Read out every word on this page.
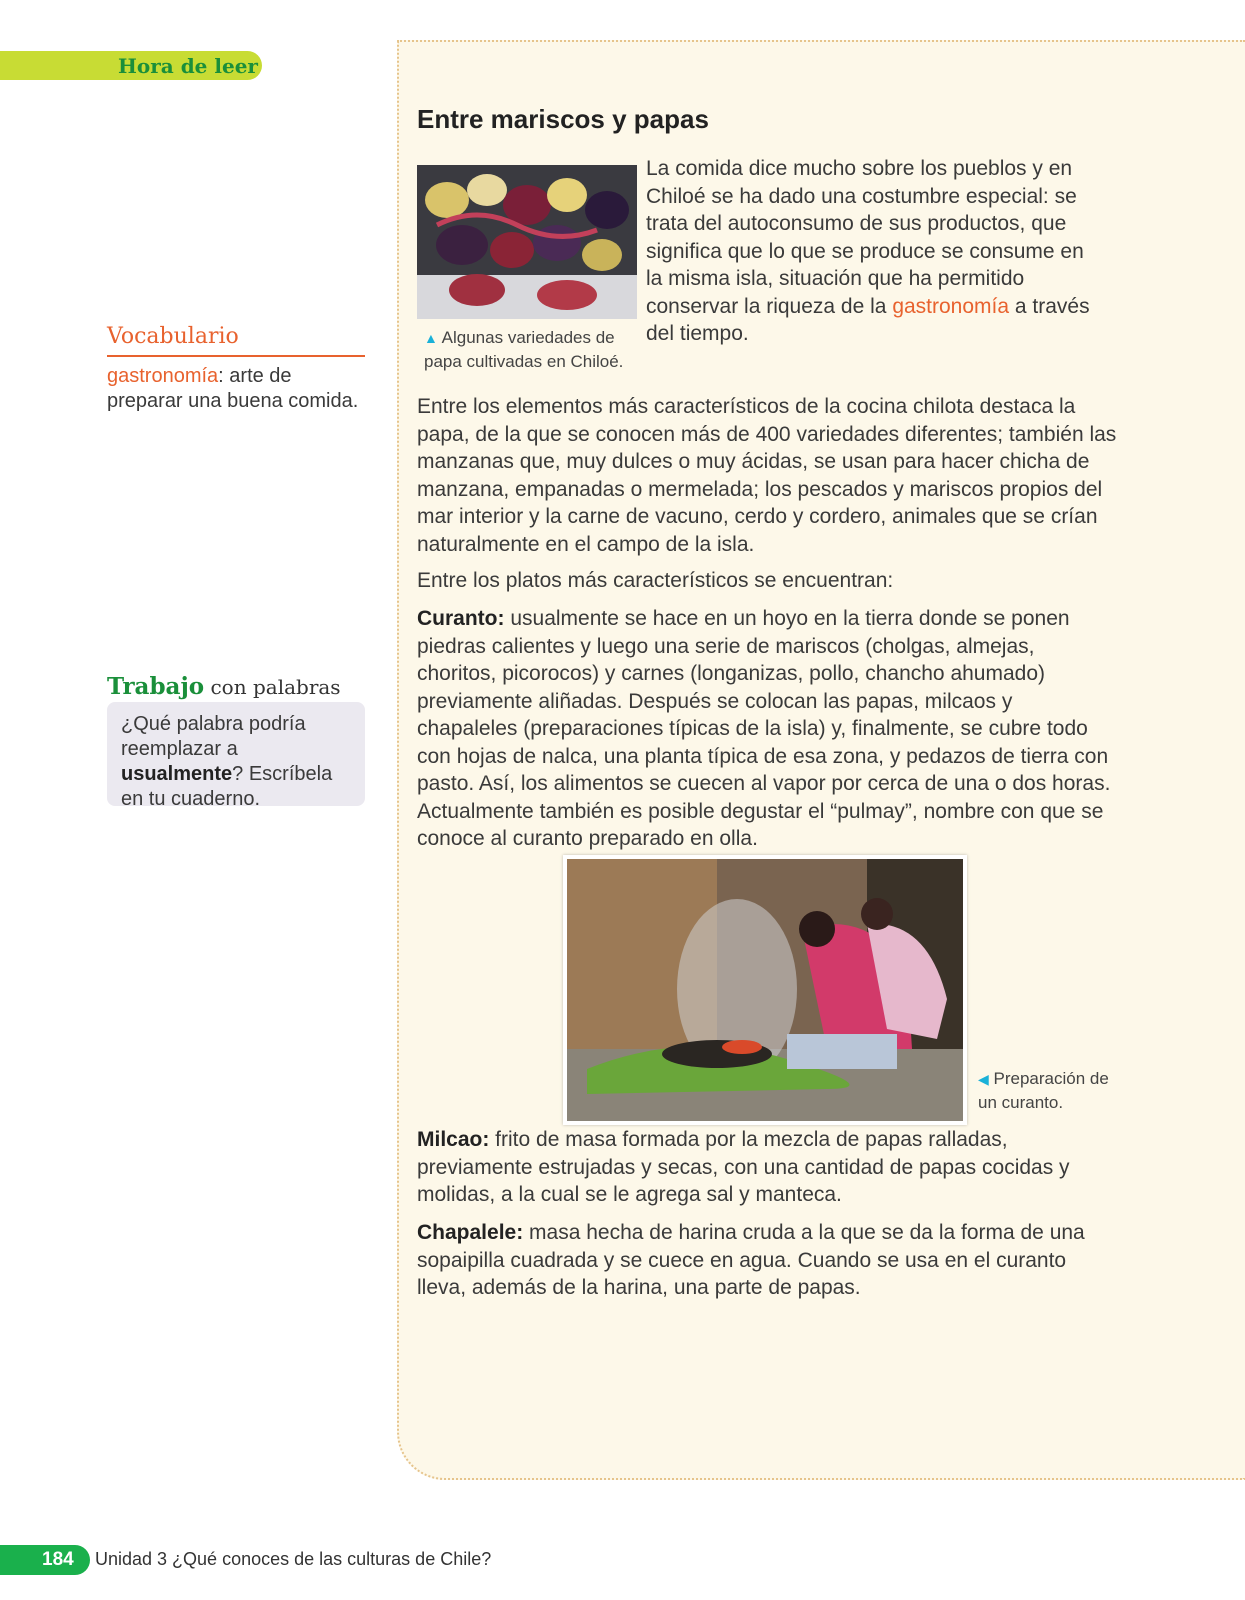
Hora de leer
Entre mariscos y papas
▲ Algunas variedades de papa cultivadas en Chiloé.
La comida dice mucho sobre los pueblos y en Chiloé se ha dado una costumbre especial: se trata del autoconsumo de sus productos, que significa que lo que se produce se consume en la misma isla, situación que ha permitido conservar la riqueza de la gastronomía a través del tiempo.

Entre los elementos más característicos de la cocina chilota destaca la papa, de la que se conocen más de 400 variedades diferentes; también las manzanas que, muy dulces o muy ácidas, se usan para hacer chicha de manzana, empanadas o mermelada; los pescados y mariscos propios del mar interior y la carne de vacuno, cerdo y cordero, animales que se crían naturalmente en el campo de la isla.

Entre los platos más característicos se encuentran:

Curanto: usualmente se hace en un hoyo en la tierra donde se ponen piedras calientes y luego una serie de mariscos (cholgas, almejas, choritos, picorocos) y carnes (longanizas, pollo, chancho ahumado) previamente aliñadas. Después se colocan las papas, milcaos y chapaleles (preparaciones típicas de la isla) y, finalmente, se cubre todo con hojas de nalca, una planta típica de esa zona, y pedazos de tierra con pasto. Así, los alimentos se cuecen al vapor por cerca de una o dos horas. Actualmente también es posible degustar el “pulmay”, nombre con que se conoce al curanto preparado en olla.

◀ Preparación de un curanto.

Milcao: frito de masa formada por la mezcla de papas ralladas, previamente estrujadas y secas, con una cantidad de papas cocidas y molidas, a la cual se le agrega sal y manteca.

Chapalele: masa hecha de harina cruda a la que se da la forma de una sopaipilla cuadrada y se cuece en agua. Cuando se usa en el curanto lleva, además de la harina, una parte de papas.

Vocabulario
gastronomía: arte de preparar una buena comida.
Trabajo con palabras
¿Qué palabra podría reemplazar a usualmente? Escríbela en tu cuaderno.
184 Unidad 3 ¿Qué conoces de las culturas de Chile?
